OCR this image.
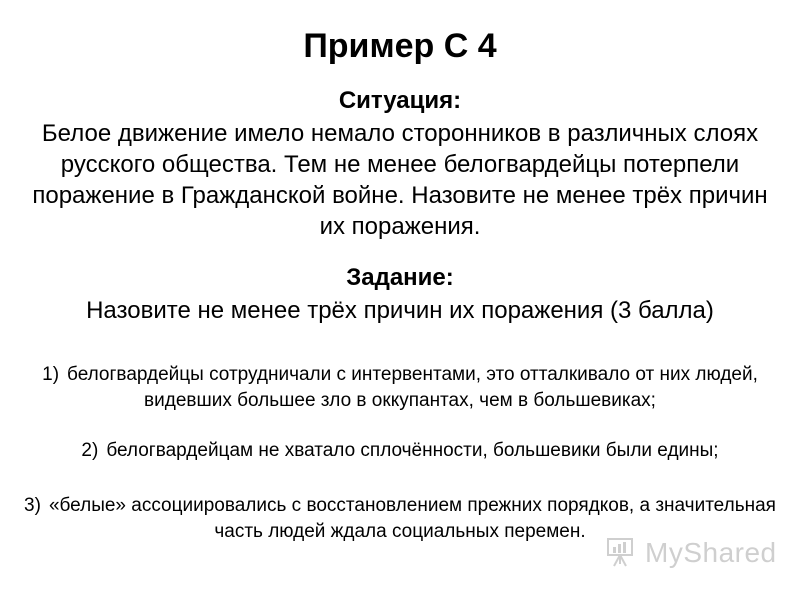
Пример С 4
Ситуация:
Белое движение имело немало сторонников в различных слоях русского общества. Тем не менее белогвардейцы потерпели поражение в Гражданской войне. Назовите не менее трёх причин их поражения.
Задание:
Назовите не менее трёх причин их поражения (3 балла)
1) белогвардейцы сотрудничали с интервентами, это отталкивало от них людей, видевших большее зло в оккупантах, чем в большевиках;
2) белогвардейцам не хватало сплочённости, большевики были едины;
3) «белые» ассоциировались с восстановлением прежних порядков, а значительная часть людей ждала социальных перемен.
MyShared
